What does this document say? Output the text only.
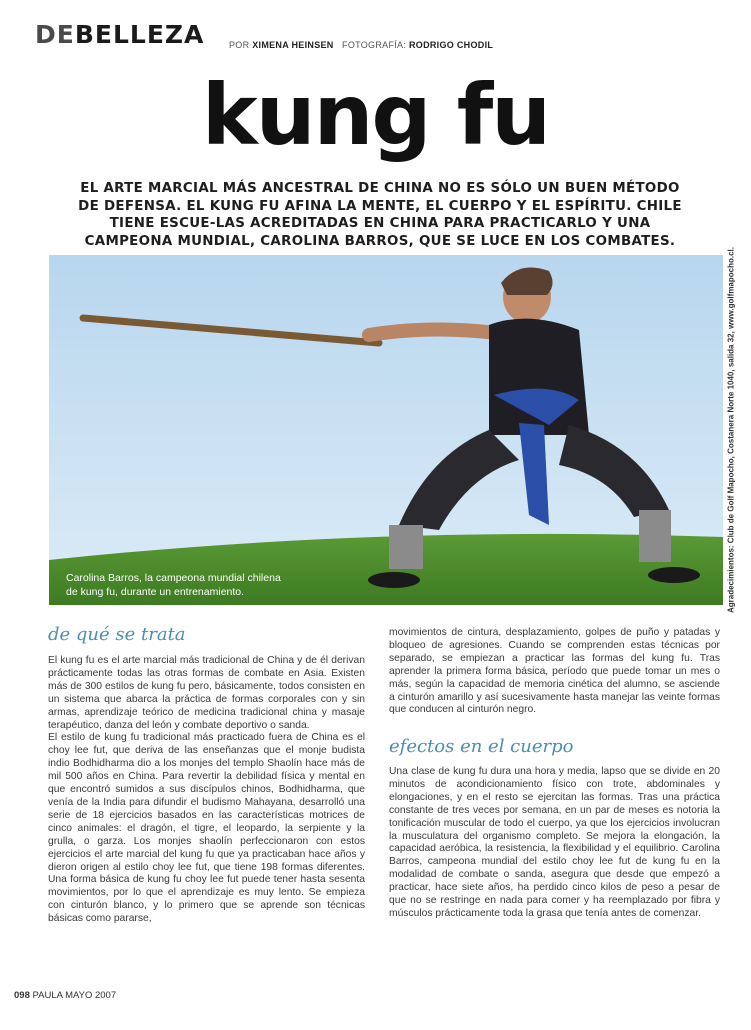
DEBELLEZA	POR XIMENA HEINSEN FOTOGRAFÍA: RODRIGO CHODIL
kung fu
EL ARTE MARCIAL MÁS ANCESTRAL DE CHINA NO ES SÓLO UN BUEN MÉTODO DE DEFENSA. EL KUNG FU AFINA LA MENTE, EL CUERPO Y EL ESPÍRITU. CHILE TIENE ESCUE-LAS ACREDITADAS EN CHINA PARA PRACTICARLO Y UNA CAMPEONA MUNDIAL, CAROLINA BARROS, QUE SE LUCE EN LOS COMBATES.
Agradecimientos: Club de Golf Mapocho, Costanera Norte 1040, salida 32, www.golfmapocho.cl.
Carolina Barros, la campeona mundial chilena
de kung fu, durante un entrenamiento.
de qué se trata

El kung fu es el arte marcial más tradicional de China y de él derivan prácticamente todas las otras formas de combate en Asia. Existen más de 300 estilos de kung fu pero, básicamente, todos consisten en un sistema que abarca la práctica de formas corporales con y sin armas, aprendizaje teórico de medicina tradicional china y masaje terapéutico, danza del león y combate deportivo o sanda.

El estilo de kung fu tradicional más practicado fuera de China es el choy lee fut, que deriva de las enseñanzas que el monje budista indio Bodhidharma dio a los monjes del templo Shaolín hace más de mil 500 años en China. Para revertir la debilidad física y mental en que encontró sumidos a sus discípulos chinos, Bodhidharma, que venía de la India para difundir el budismo Mahayana, desarrolló una serie de 18 ejercicios basados en las características motrices de cinco animales: el dragón, el tigre, el leopardo, la serpiente y la grulla, o garza. Los monjes shaolín perfeccionaron con estos ejercicios el arte marcial del kung fu que ya practicaban hace años y dieron origen al estilo choy lee fut, que tiene 198 formas diferentes. Una forma básica de kung fu choy lee fut puede tener hasta sesenta movimientos, por lo que el aprendizaje es muy lento. Se empieza con cinturón blanco, y lo primero que se aprende son técnicas básicas como pararse,

movimientos de cintura, desplazamiento, golpes de puño y patadas y bloqueo de agresiones. Cuando se comprenden estas técnicas por separado, se empiezan a practicar las formas del kung fu. Tras aprender la primera forma básica, período que puede tomar un mes o más, según la capacidad de memoria cinética del alumno, se asciende a cinturón amarillo y así sucesivamente hasta manejar las veinte formas que conducen al cinturón negro.

efectos en el cuerpo

Una clase de kung fu dura una hora y media, lapso que se divide en 20 minutos de acondicionamiento físico con trote, abdominales y elongaciones, y en el resto se ejercitan las formas. Tras una práctica constante de tres veces por semana, en un par de meses es notoria la tonificación muscular de todo el cuerpo, ya que los ejercicios involucran la musculatura del organismo completo. Se mejora la elongación, la capacidad aeróbica, la resistencia, la flexibilidad y el equilibrio. Carolina Barros, campeona mundial del estilo choy lee fut de kung fu en la modalidad de combate o sanda, asegura que desde que empezó a practicar, hace siete años, ha perdido cinco kilos de peso a pesar de que no se restringe en nada para comer y ha reemplazado por fibra y músculos prácticamente toda la grasa que tenía antes de comenzar.

098 PAULA MAYO 2007
